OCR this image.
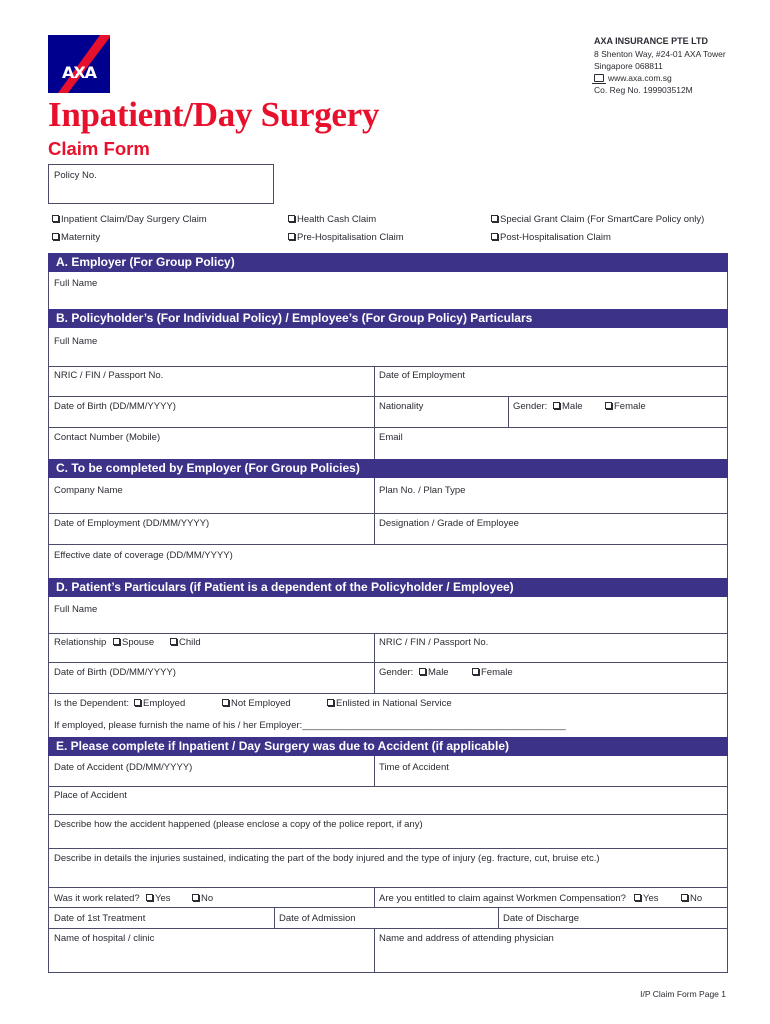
AXA
AXA INSURANCE PTE LTD
8 Shenton Way, #24-01 AXA Tower
Singapore 068811
www.axa.com.sg
Co. Reg No. 199903512M
Inpatient/Day Surgery
Claim Form
Policy No.
Inpatient Claim/Day Surgery Claim	Health Cash Claim	Special Grant Claim (For SmartCare Policy only)
Maternity	Pre-Hospitalisation Claim	Post-Hospitalisation Claim
A. Employer (For Group Policy)
Full Name
B. Policyholder’s (For Individual Policy) / Employee’s (For Group Policy) Particulars
Full Name
NRIC / FIN / Passport No.	Date of Employment
Date of Birth (DD/MM/YYYY)	Nationality	Gender:	Male	Female
Contact Number (Mobile)	Email
C. To be completed by Employer (For Group Policies)
Company Name	Plan No. / Plan Type
Date of Employment (DD/MM/YYYY)	Designation / Grade of Employee
Effective date of coverage (DD/MM/YYYY)
D. Patient’s Particulars (if Patient is a dependent of the Policyholder / Employee)
Full Name
Relationship	Spouse	Child	NRIC / FIN / Passport No.
Date of Birth (DD/MM/YYYY)	Gender:	Male	Female
Is the Dependent:	Employed	Not Employed	Enlisted in National Service
If employed, please furnish the name of his / her Employer:_______________________________________________________
E. Please complete if Inpatient / Day Surgery was due to Accident (if applicable)
Date of Accident (DD/MM/YYYY)	Time of Accident
Place of Accident
Describe how the accident happened (please enclose a copy of the police report, if any)
Describe in details the injuries sustained, indicating the part of the body injured and the type of injury (eg. fracture, cut, bruise etc.)
Was it work related?	Yes	No	Are you entitled to claim against Workmen Compensation?	Yes	No
Date of 1st Treatment	Date of Admission	Date of Discharge
Name of hospital / clinic	Name and address of attending physician
I/P Claim Form Page 1
